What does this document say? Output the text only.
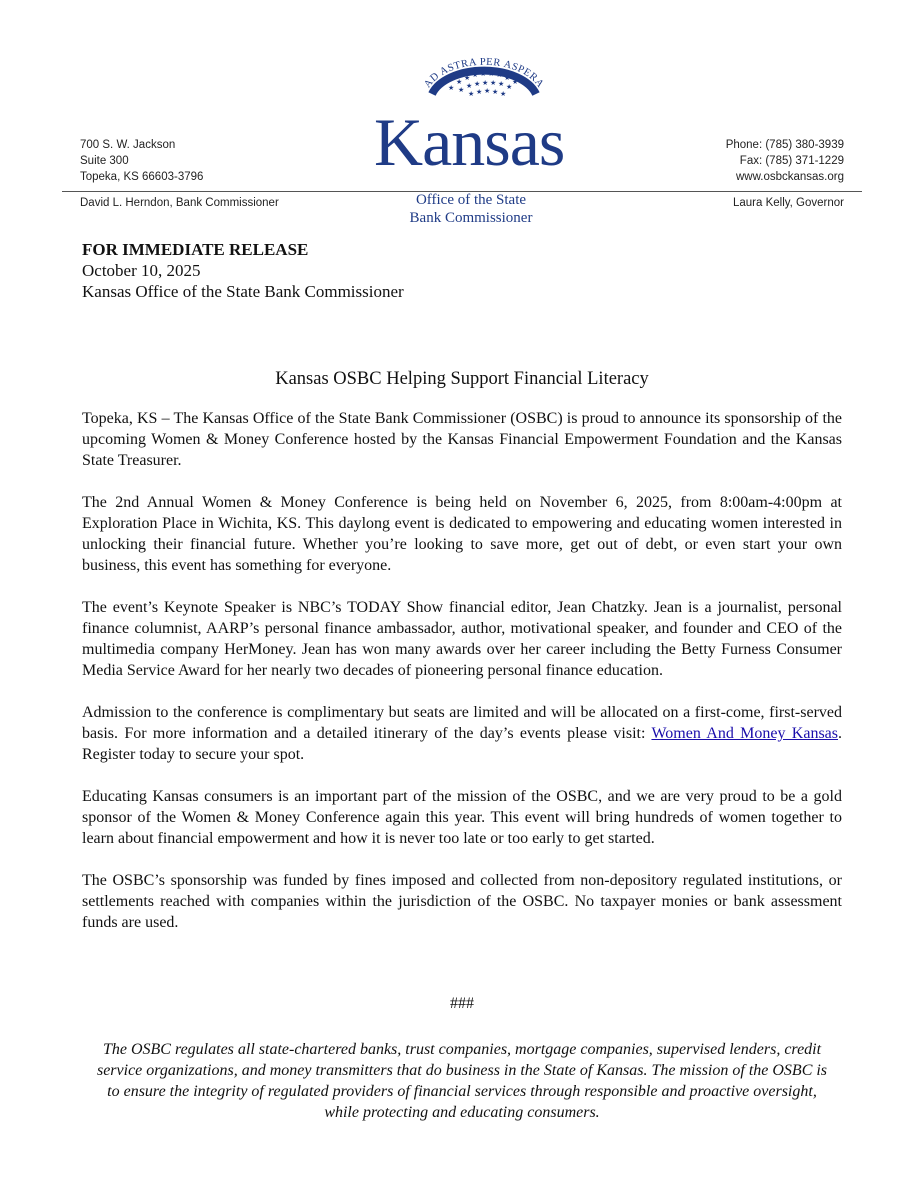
700 S. W. Jackson
Suite 300
Topeka, KS 66603-3796
AD ASTRA PER ASPERA
★
★ ★ ★ ★ ★ ★ ★ ★
★ ★ ★ ★ ★ ★ ★
★ ★ ★ ★ ★
Kansas
Office of the State
Bank Commissioner
Phone: (785) 380-3939
Fax: (785) 371-1229
www.osbckansas.org
David L. Herndon, Bank Commissioner	Laura Kelly, Governor
FOR IMMEDIATE RELEASE
October 10, 2025
Kansas Office of the State Bank Commissioner
Kansas OSBC Helping Support Financial Literacy

Topeka, KS – The Kansas Office of the State Bank Commissioner (OSBC) is proud to announce its sponsorship of the upcoming Women & Money Conference hosted by the Kansas Financial Empowerment Foundation and the Kansas State Treasurer.

The 2nd Annual Women & Money Conference is being held on November 6, 2025, from 8:00am-4:00pm at Exploration Place in Wichita, KS. This daylong event is dedicated to empowering and educating women interested in unlocking their financial future. Whether you’re looking to save more, get out of debt, or even start your own business, this event has something for everyone.

The event’s Keynote Speaker is NBC’s TODAY Show financial editor, Jean Chatzky. Jean is a journalist, personal finance columnist, AARP’s personal finance ambassador, author, motivational speaker, and founder and CEO of the multimedia company HerMoney. Jean has won many awards over her career including the Betty Furness Consumer Media Service Award for her nearly two decades of pioneering personal finance education.

Admission to the conference is complimentary but seats are limited and will be allocated on a first-come, first-served basis. For more information and a detailed itinerary of the day’s events please visit: Women And Money Kansas. Register today to secure your spot.

Educating Kansas consumers is an important part of the mission of the OSBC, and we are very proud to be a gold sponsor of the Women & Money Conference again this year. This event will bring hundreds of women together to learn about financial empowerment and how it is never too late or too early to get started.

The OSBC’s sponsorship was funded by fines imposed and collected from non-depository regulated institutions, or settlements reached with companies within the jurisdiction of the OSBC. No taxpayer monies or bank assessment funds are used.

###
The OSBC regulates all state-chartered banks, trust companies, mortgage companies, supervised lenders, credit service organizations, and money transmitters that do business in the State of Kansas. The mission of the OSBC is to ensure the integrity of regulated providers of financial services through responsible and proactive oversight, while protecting and educating consumers.
